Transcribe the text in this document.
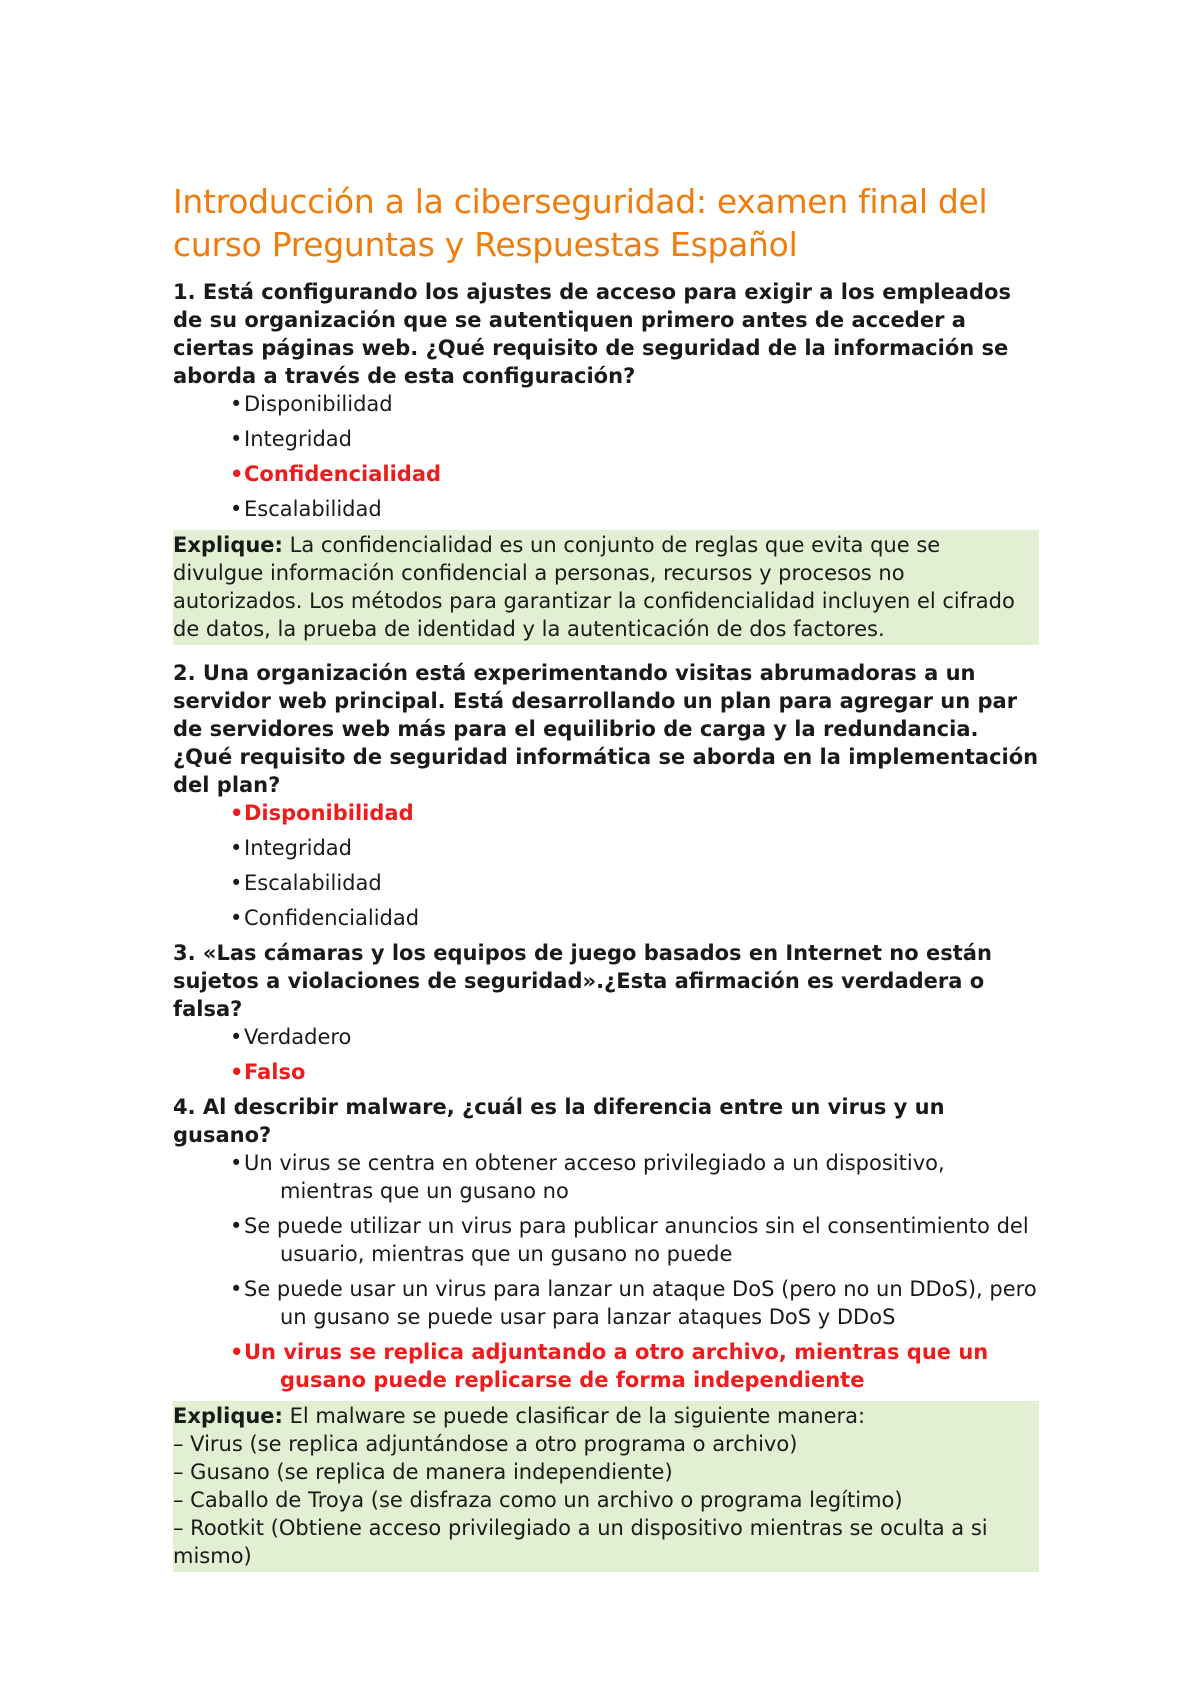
Introducción a la ciberseguridad: examen final del curso Preguntas y Respuestas Español

1. Está configurando los ajustes de acceso para exigir a los empleados de su organización que se autentiquen primero antes de acceder a ciertas páginas web. ¿Qué requisito de seguridad de la información se aborda a través de esta configuración?

•Disponibilidad
•Integridad
•Confidencialidad
•Escalabilidad
Explique: La confidencialidad es un conjunto de reglas que evita que se divulgue información confidencial a personas, recursos y procesos no autorizados. Los métodos para garantizar la confidencialidad incluyen el cifrado de datos, la prueba de identidad y la autenticación de dos factores.

2. Una organización está experimentando visitas abrumadoras a un servidor web principal. Está desarrollando un plan para agregar un par de servidores web más para el equilibrio de carga y la redundancia.
¿Qué requisito de seguridad informática se aborda en la implementación del plan?

•Disponibilidad
•Integridad
•Escalabilidad
•Confidencialidad

3. «Las cámaras y los equipos de juego basados en Internet no están sujetos a violaciones de seguridad».¿Esta afirmación es verdadera o falsa?

•Verdadero
•Falso

4. Al describir malware, ¿cuál es la diferencia entre un virus y un gusano?

•Un virus se centra en obtener acceso privilegiado a un dispositivo, mientras que un gusano no
•Se puede utilizar un virus para publicar anuncios sin el consentimiento del usuario, mientras que un gusano no puede
•Se puede usar un virus para lanzar un ataque DoS (pero no un DDoS), pero un gusano se puede usar para lanzar ataques DoS y DDoS
•Un virus se replica adjuntando a otro archivo, mientras que un gusano puede replicarse de forma independiente
Explique: El malware se puede clasificar de la siguiente manera:
– Virus (se replica adjuntándose a otro programa o archivo)
– Gusano (se replica de manera independiente)
– Caballo de Troya (se disfraza como un archivo o programa legítimo)
– Rootkit (Obtiene acceso privilegiado a un dispositivo mientras se oculta a si mismo)
